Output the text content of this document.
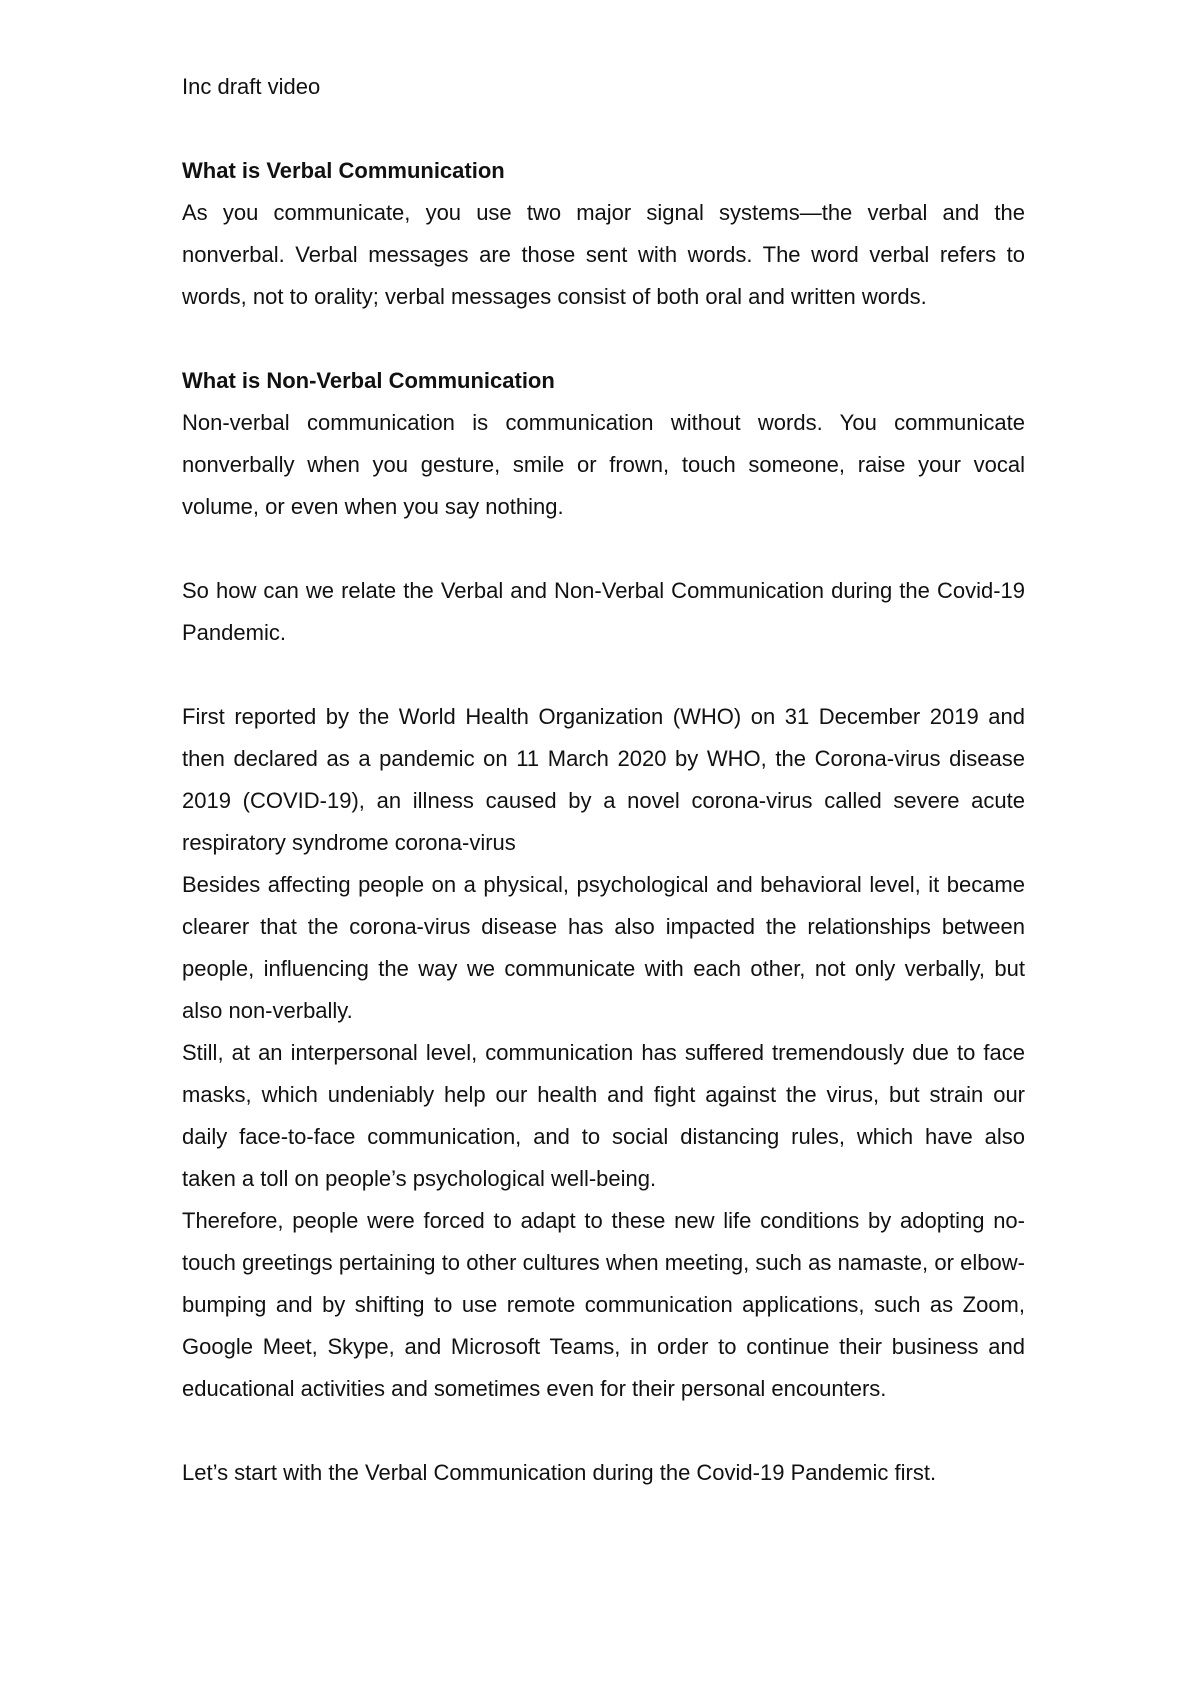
Inc draft video

What is Verbal Communication

As you communicate, you use two major signal systems—the verbal and the nonverbal. Verbal messages are those sent with words. The word verbal refers to words, not to orality; verbal messages consist of both oral and written words.

What is Non-Verbal Communication

Non-verbal communication is communication without words. You communicate nonverbally when you gesture, smile or frown, touch someone, raise your vocal volume, or even when you say nothing.

So how can we relate the Verbal and Non-Verbal Communication during the Covid-19 Pandemic.

First reported by the World Health Organization (WHO) on 31 December 2019 and then declared as a pandemic on 11 March 2020 by WHO, the Corona-virus disease 2019 (COVID-19), an illness caused by a novel corona-virus called severe acute respiratory syndrome corona-virus

Besides affecting people on a physical, psychological and behavioral level, it became clearer that the corona-virus disease has also impacted the relationships between people, influencing the way we communicate with each other, not only verbally, but also non-verbally.

Still, at an interpersonal level, communication has suffered tremendously due to face masks, which undeniably help our health and fight against the virus, but strain our daily face-to-face communication, and to social distancing rules, which have also taken a toll on people’s psychological well-being.

Therefore, people were forced to adapt to these new life conditions by adopting no-touch greetings pertaining to other cultures when meeting, such as namaste, or elbow-bumping and by shifting to use remote communication applications, such as Zoom, Google Meet, Skype, and Microsoft Teams, in order to continue their business and educational activities and sometimes even for their personal encounters.

Let’s start with the Verbal Communication during the Covid-19 Pandemic first.
